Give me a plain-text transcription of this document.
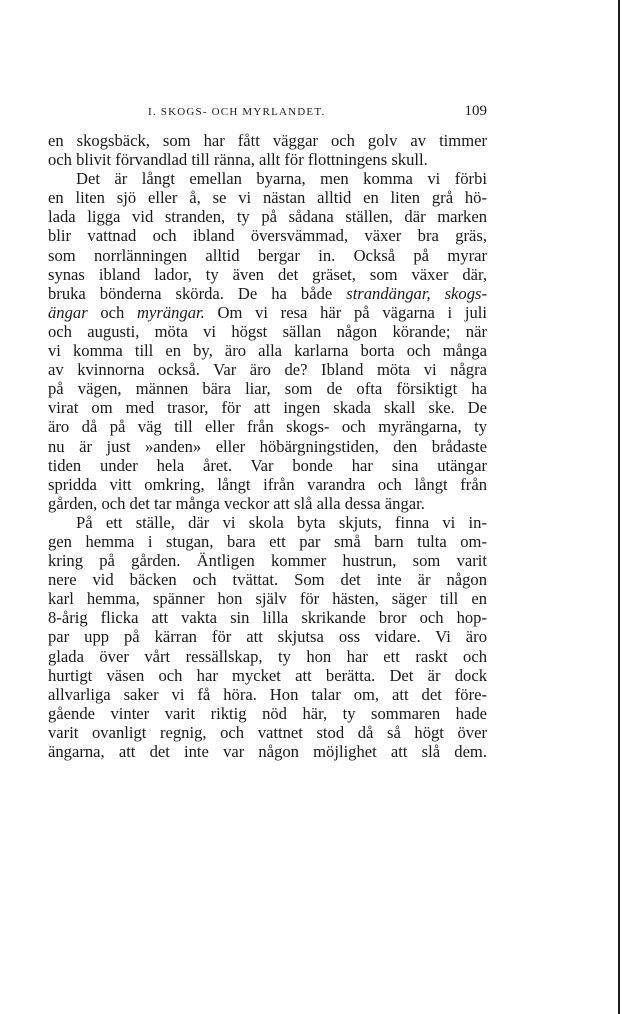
I. SKOGS- OCH MYRLANDET.	109
en skogsbäck, som har fått väggar och golv av timmer
och blivit förvandlad till ränna, allt för flottningens skull.
Det är långt emellan byarna, men komma vi förbi
en liten sjö eller å, se vi nästan alltid en liten grå hö-
lada ligga vid stranden, ty på sådana ställen, där marken
blir vattnad och ibland översvämmad, växer bra gräs,
som norrlänningen alltid bergar in. Också på myrar
synas ibland lador, ty även det gräset, som växer där,
bruka bönderna skörda. De ha både strandängar, skogs-
ängar och myrängar. Om vi resa här på vägarna i juli
och augusti, möta vi högst sällan någon körande; när
vi komma till en by, äro alla karlarna borta och många
av kvinnorna också. Var äro de? Ibland möta vi några
på vägen, männen bära liar, som de ofta försiktigt ha
virat om med trasor, för att ingen skada skall ske. De
äro då på väg till eller från skogs- och myrängarna, ty
nu är just »anden» eller höbärgningstiden, den brådaste
tiden under hela året. Var bonde har sina utängar
spridda vitt omkring, långt ifrån varandra och långt från
gården, och det tar många veckor att slå alla dessa ängar.
På ett ställe, där vi skola byta skjuts, finna vi in-
gen hemma i stugan, bara ett par små barn tulta om-
kring på gården. Äntligen kommer hustrun, som varit
nere vid bäcken och tvättat. Som det inte är någon
karl hemma, spänner hon själv för hästen, säger till en
8-årig flicka att vakta sin lilla skrikande bror och hop-
par upp på kärran för att skjutsa oss vidare. Vi äro
glada över vårt ressällskap, ty hon har ett raskt och
hurtigt väsen och har mycket att berätta. Det är dock
allvarliga saker vi få höra. Hon talar om, att det före-
gående vinter varit riktig nöd här, ty sommaren hade
varit ovanligt regnig, och vattnet stod då så högt över
ängarna, att det inte var någon möjlighet att slå dem.
